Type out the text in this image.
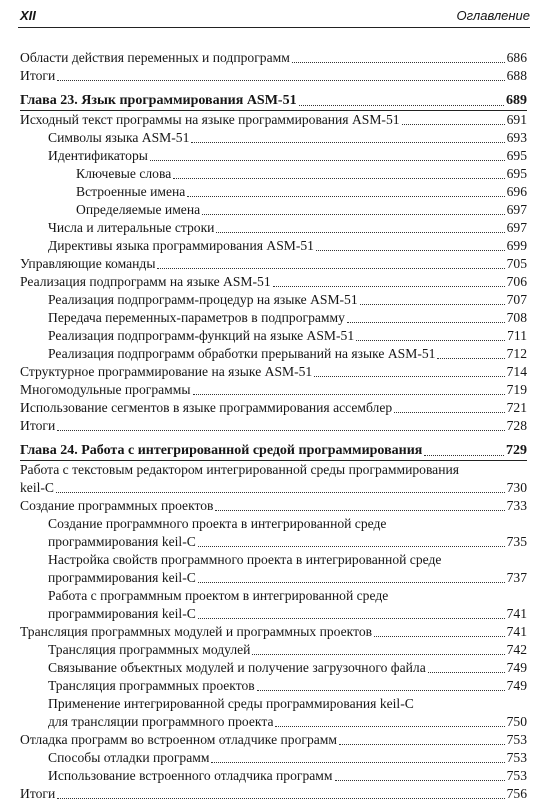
XII	Оглавление
Области действия переменных и подпрограмм	686
Итоги	688
Глава 23. Язык программирования ASM-51	689
Исходный текст программы на языке программирования ASM-51	691
Символы языка ASM-51	693
Идентификаторы	695
Ключевые слова	695
Встроенные имена	696
Определяемые имена	697
Числа и литеральные строки	697
Директивы языка программирования ASM-51	699
Управляющие команды	705
Реализация подпрограмм на языке ASM-51	706
Реализация подпрограмм-процедур на языке ASM-51	707
Передача переменных-параметров в подпрограмму	708
Реализация подпрограмм-функций на языке ASM-51	711
Реализация подпрограмм обработки прерываний на языке ASM-51	712
Структурное программирование на языке ASM-51	714
Многомодульные программы	719
Использование сегментов в языке программирования ассемблер	721
Итоги	728
Глава 24. Работа с интегрированной средой программирования	729
Работа с текстовым редактором интегрированной среды программирования
keil-C	730
Создание программных проектов	733
Создание программного проекта в интегрированной среде
программирования keil-C	735
Настройка свойств программного проекта в интегрированной среде
программирования keil-C	737
Работа с программным проектом в интегрированной среде
программирования keil-C	741
Трансляция программных модулей и программных проектов	741
Трансляция программных модулей	742
Связывание объектных модулей и получение загрузочного файла	749
Трансляция программных проектов	749
Применение интегрированной среды программирования keil-C
для трансляции программного проекта	750
Отладка программ во встроенном отладчике программ	753
Способы отладки программ	753
Использование встроенного отладчика программ	753
Итоги	756
